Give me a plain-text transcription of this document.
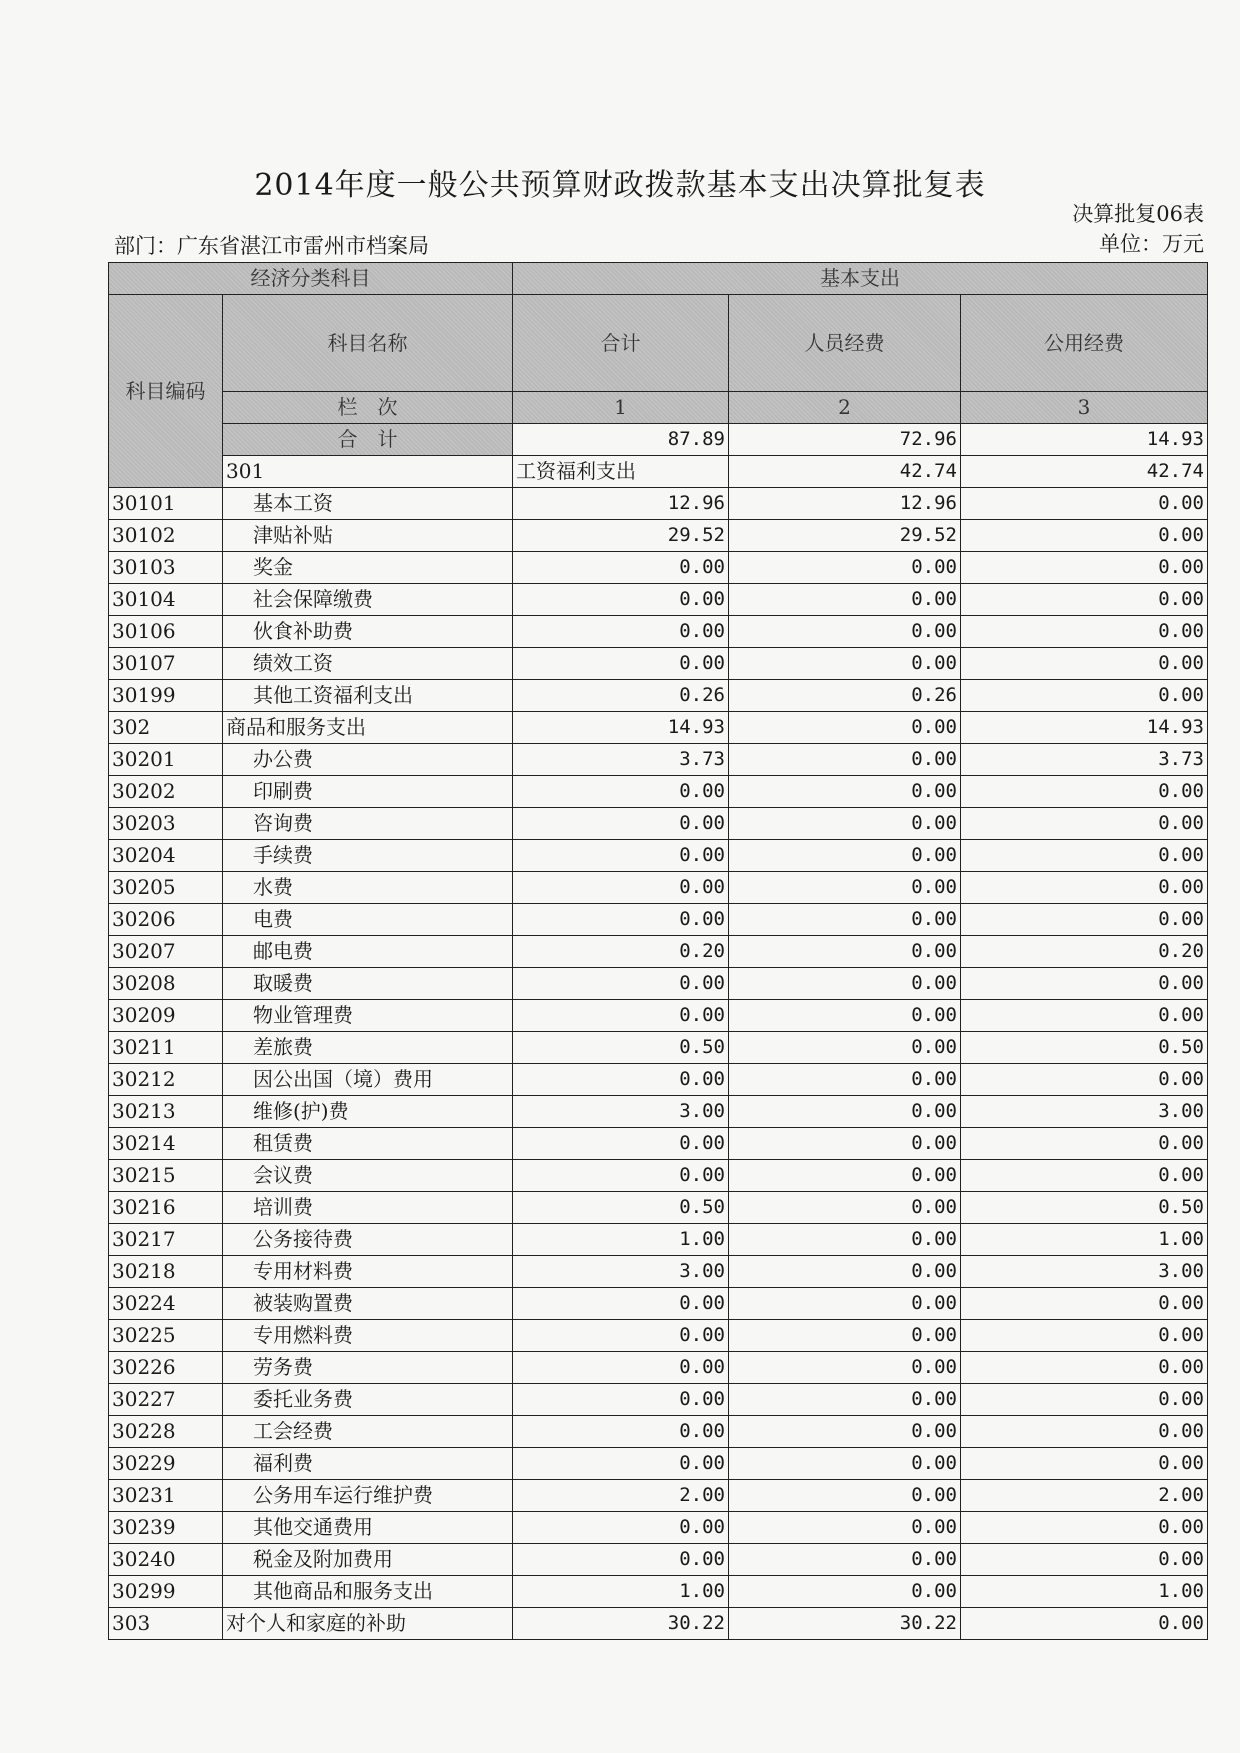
2014年度一般公共预算财政拨款基本支出决算批复表
决算批复06表
部门：广东省湛江市雷州市档案局	单位：万元
经济分类科目		基本支出			
科目编码	科目名称	合计	人员经费	公用经费	
	栏　次	1	2	3	
	合　计	87.89	72.96	14.93	
	301	工资福利支出	42.74	42.74	
30101	基本工资	12.96	12.96	0.00	
30102	津贴补贴	29.52	29.52	0.00	
30103	奖金	0.00	0.00	0.00	
30104	社会保障缴费	0.00	0.00	0.00	
30106	伙食补助费	0.00	0.00	0.00	
30107	绩效工资	0.00	0.00	0.00	
30199	其他工资福利支出	0.26	0.26	0.00	
302	商品和服务支出	14.93	0.00	14.93	
30201	办公费	3.73	0.00	3.73	
30202	印刷费	0.00	0.00	0.00	
30203	咨询费	0.00	0.00	0.00	
30204	手续费	0.00	0.00	0.00	
30205	水费	0.00	0.00	0.00	
30206	电费	0.00	0.00	0.00	
30207	邮电费	0.20	0.00	0.20	
30208	取暖费	0.00	0.00	0.00	
30209	物业管理费	0.00	0.00	0.00	
30211	差旅费	0.50	0.00	0.50	
30212	因公出国（境）费用	0.00	0.00	0.00	
30213	维修(护)费	3.00	0.00	3.00	
30214	租赁费	0.00	0.00	0.00	
30215	会议费	0.00	0.00	0.00	
30216	培训费	0.50	0.00	0.50	
30217	公务接待费	1.00	0.00	1.00	
30218	专用材料费	3.00	0.00	3.00	
30224	被装购置费	0.00	0.00	0.00	
30225	专用燃料费	0.00	0.00	0.00	
30226	劳务费	0.00	0.00	0.00	
30227	委托业务费	0.00	0.00	0.00	
30228	工会经费	0.00	0.00	0.00	
30229	福利费	0.00	0.00	0.00	
30231	公务用车运行维护费	2.00	0.00	2.00	
30239	其他交通费用	0.00	0.00	0.00	
30240	税金及附加费用	0.00	0.00	0.00	
30299	其他商品和服务支出	1.00	0.00	1.00	
303	对个人和家庭的补助	30.22	30.22	0.00	
